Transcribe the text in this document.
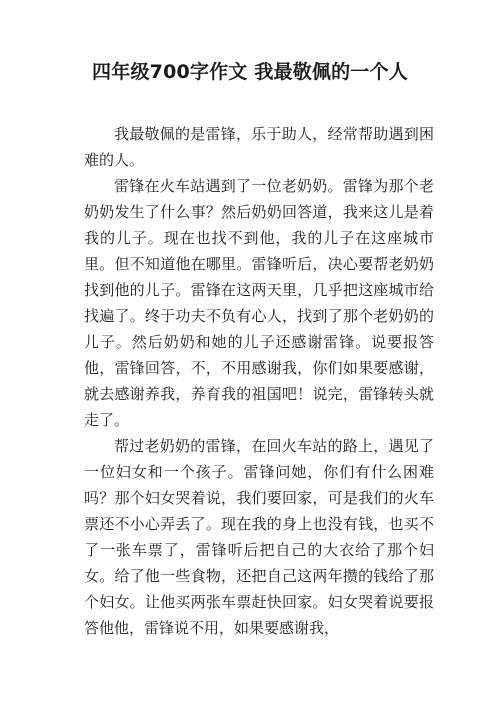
四年级700字作文 我最敬佩的一个人

我最敬佩的是雷锋，乐于助人，经常帮助遇到困难的人。

雷锋在火车站遇到了一位老奶奶。雷锋为那个老奶奶发生了什么事？然后奶奶回答道，我来这儿是着我的儿子。现在也找不到他，我的儿子在这座城市里。但不知道他在哪里。雷锋听后，决心要帮老奶奶找到他的儿子。雷锋在这两天里，几乎把这座城市给找遍了。终于功夫不负有心人，找到了那个老奶奶的儿子。然后奶奶和她的儿子还感谢雷锋。说要报答他，雷锋回答，不，不用感谢我，你们如果要感谢，就去感谢养我，养育我的祖国吧！说完，雷锋转头就走了。

帮过老奶奶的雷锋，在回火车站的路上，遇见了一位妇女和一个孩子。雷锋问她，你们有什么困难吗？那个妇女哭着说，我们要回家，可是我们的火车票还不小心弄丢了。现在我的身上也没有钱，也买不了一张车票了，雷锋听后把自己的大衣给了那个妇女。给了他一些食物，还把自己这两年攒的钱给了那个妇女。让他买两张车票赶快回家。妇女哭着说要报答他他，雷锋说不用，如果要感谢我，
